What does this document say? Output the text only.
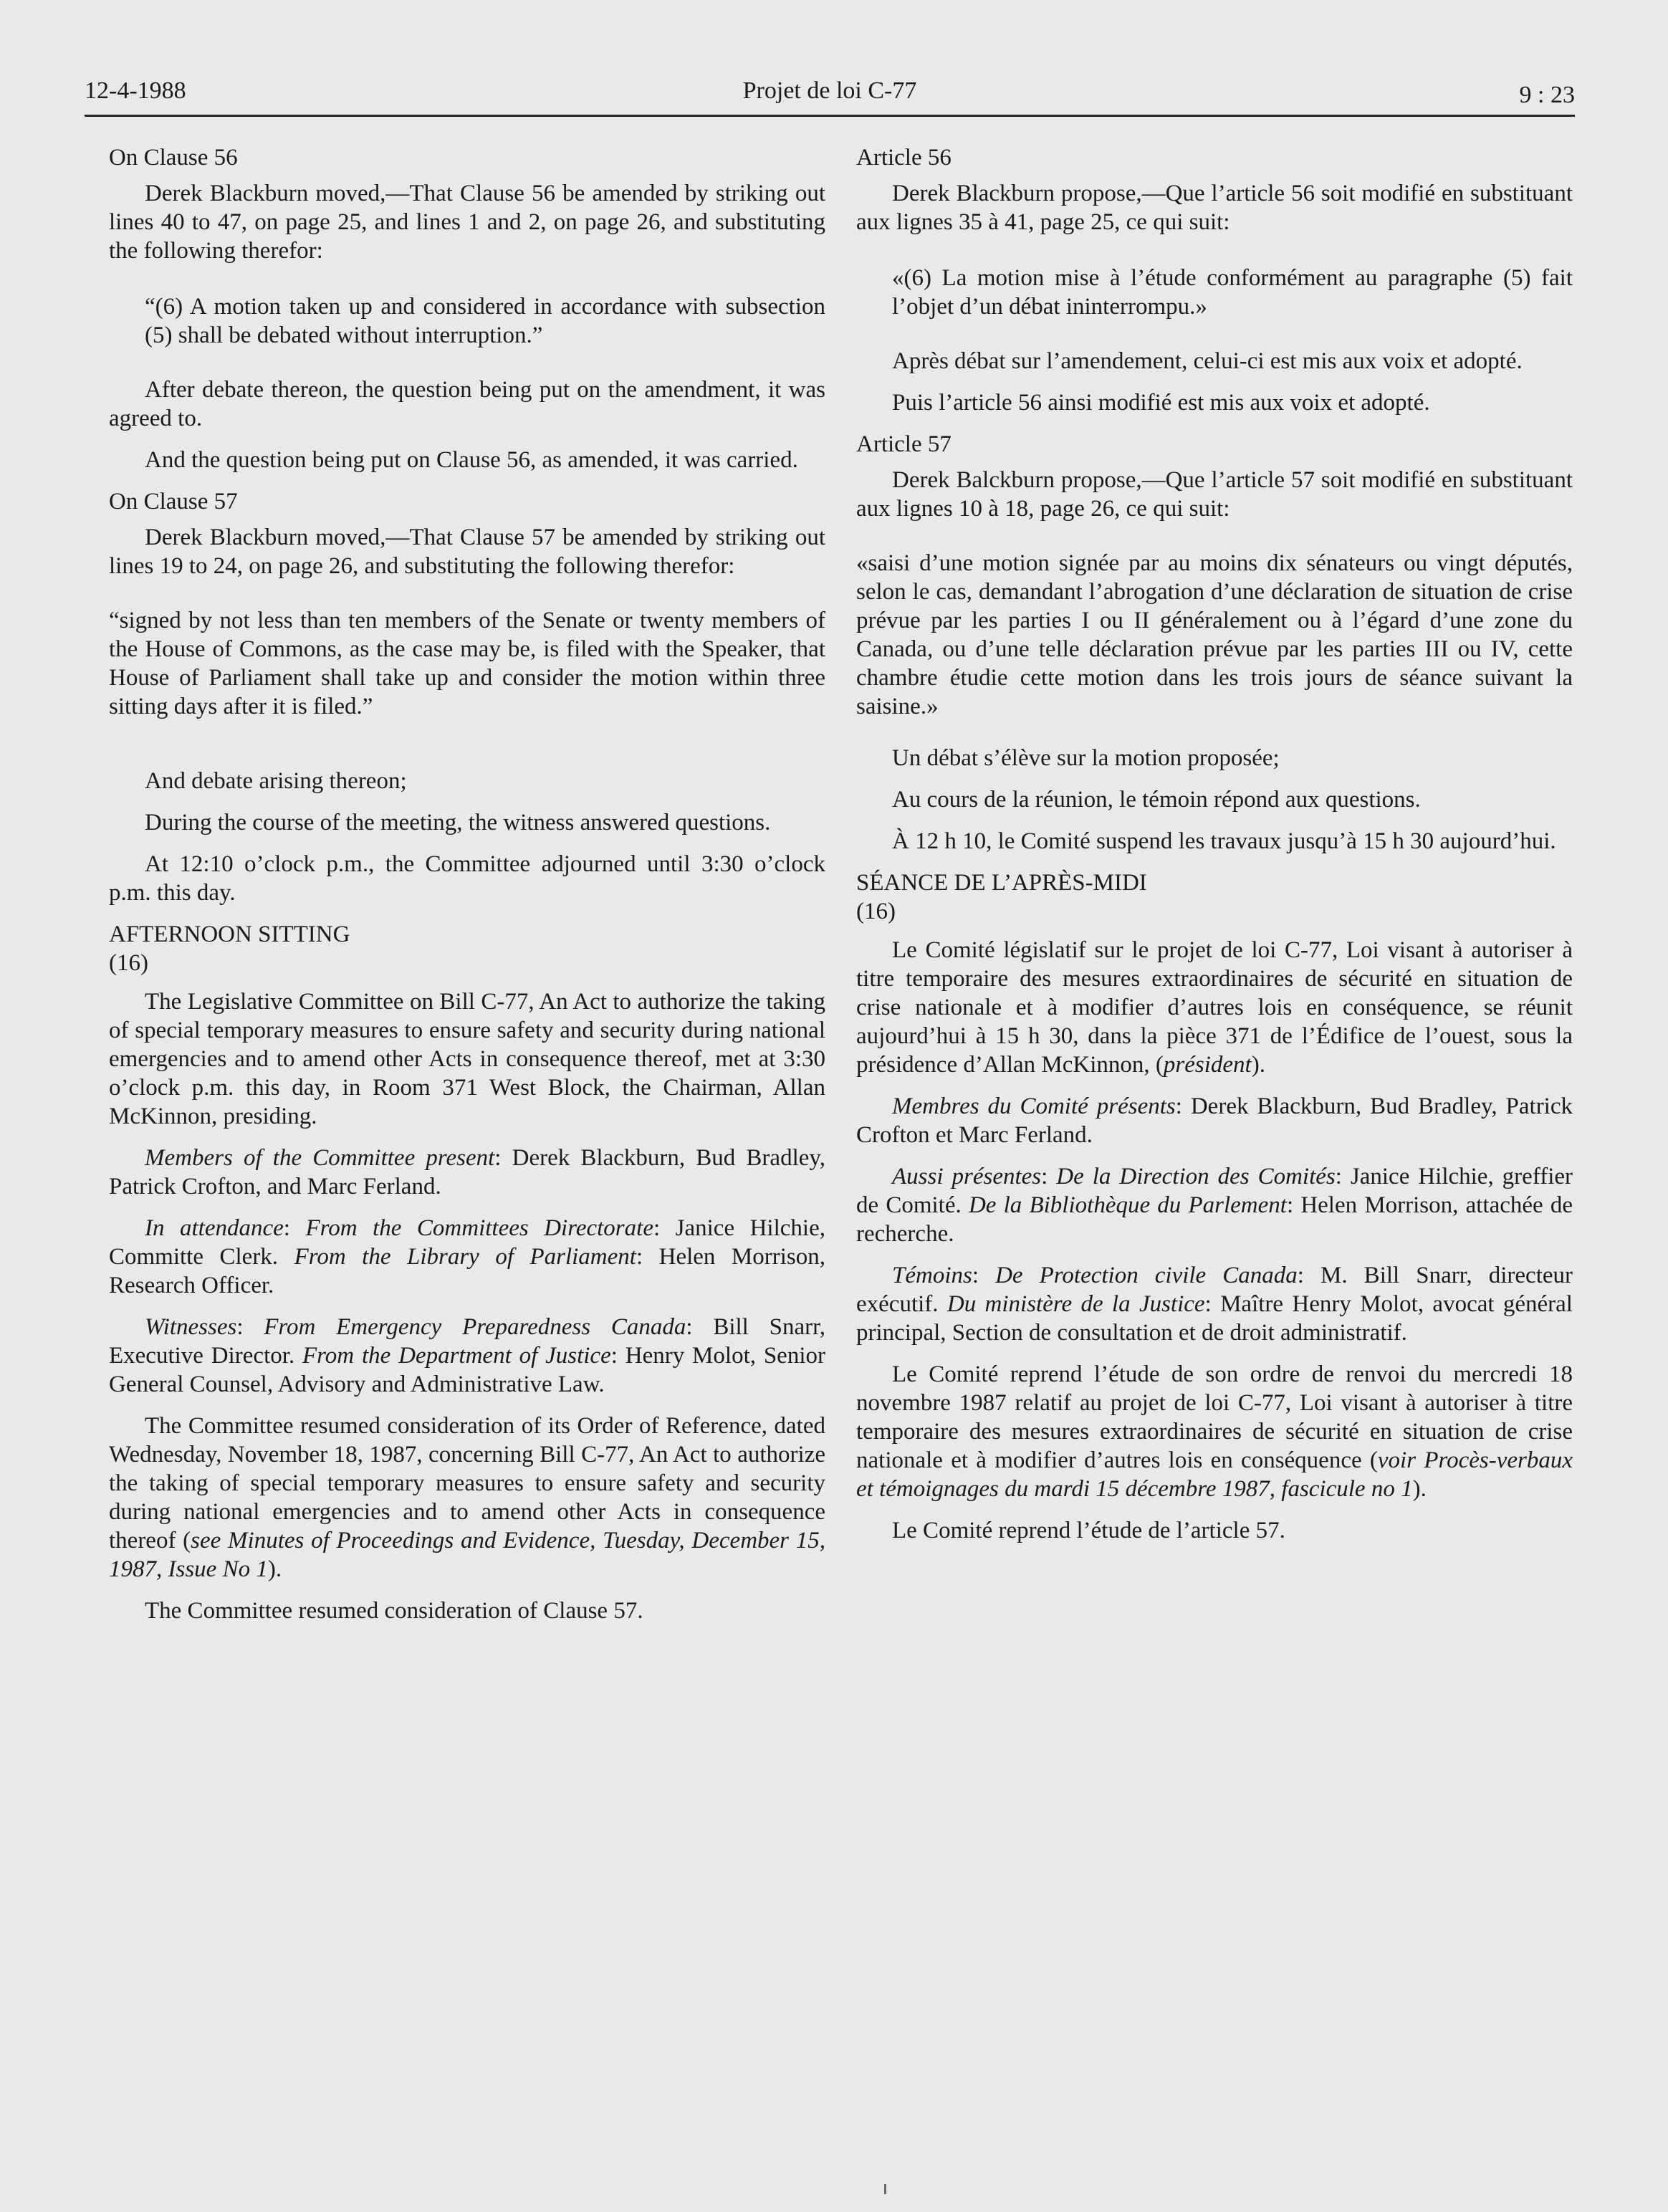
12-4-1988	Projet de loi C-77	9 : 23

On Clause 56

Derek Blackburn moved,—That Clause 56 be amended by striking out lines 40 to 47, on page 25, and lines 1 and 2, on page 26, and substituting the following therefor:

“(6) A motion taken up and considered in accordance with subsection (5) shall be debated without interruption.”

After debate thereon, the question being put on the amendment, it was agreed to.

And the question being put on Clause 56, as amended, it was carried.

On Clause 57

Derek Blackburn moved,—That Clause 57 be amended by striking out lines 19 to 24, on page 26, and substituting the following therefor:

“signed by not less than ten members of the Senate or twenty members of the House of Commons, as the case may be, is filed with the Speaker, that House of Parliament shall take up and consider the motion within three sitting days after it is filed.”

And debate arising thereon;

During the course of the meeting, the witness answered questions.

At 12:10 o’clock p.m., the Committee adjourned until 3:30 o’clock p.m. this day.

AFTERNOON SITTING

(16)

The Legislative Committee on Bill C-77, An Act to authorize the taking of special temporary measures to ensure safety and security during national emergencies and to amend other Acts in consequence thereof, met at 3:30 o’clock p.m. this day, in Room 371 West Block, the Chairman, Allan McKinnon, presiding.

Members of the Committee present: Derek Blackburn, Bud Bradley, Patrick Crofton, and Marc Ferland.

In attendance: From the Committees Directorate: Janice Hilchie, Committe Clerk. From the Library of Parliament: Helen Morrison, Research Officer.

Witnesses: From Emergency Preparedness Canada: Bill Snarr, Executive Director. From the Department of Justice: Henry Molot, Senior General Counsel, Advisory and Administrative Law.

The Committee resumed consideration of its Order of Reference, dated Wednesday, November 18, 1987, concerning Bill C-77, An Act to authorize the taking of special temporary measures to ensure safety and security during national emergencies and to amend other Acts in consequence thereof (see Minutes of Proceedings and Evidence, Tuesday, December 15, 1987, Issue No 1).

The Committee resumed consideration of Clause 57.

Article 56

Derek Blackburn propose,—Que l’article 56 soit modifié en substituant aux lignes 35 à 41, page 25, ce qui suit:

«(6) La motion mise à l’étude conformément au paragraphe (5) fait l’objet d’un débat ininterrompu.»

Après débat sur l’amendement, celui-ci est mis aux voix et adopté.

Puis l’article 56 ainsi modifié est mis aux voix et adopté.

Article 57

Derek Balckburn propose,—Que l’article 57 soit modifié en substituant aux lignes 10 à 18, page 26, ce qui suit:

«saisi d’une motion signée par au moins dix sénateurs ou vingt députés, selon le cas, demandant l’abrogation d’une déclaration de situation de crise prévue par les parties I ou II généralement ou à l’égard d’une zone du Canada, ou d’une telle déclaration prévue par les parties III ou IV, cette chambre étudie cette motion dans les trois jours de séance suivant la saisine.»

Un débat s’élève sur la motion proposée;

Au cours de la réunion, le témoin répond aux questions.

À 12 h 10, le Comité suspend les travaux jusqu’à 15 h 30 aujourd’hui.

SÉANCE DE L’APRÈS-MIDI

(16)

Le Comité législatif sur le projet de loi C-77, Loi visant à autoriser à titre temporaire des mesures extraordinaires de sécurité en situation de crise nationale et à modifier d’autres lois en conséquence, se réunit aujourd’hui à 15 h 30, dans la pièce 371 de l’Édifice de l’ouest, sous la présidence d’Allan McKinnon, (président).

Membres du Comité présents: Derek Blackburn, Bud Bradley, Patrick Crofton et Marc Ferland.

Aussi présentes: De la Direction des Comités: Janice Hilchie, greffier de Comité. De la Bibliothèque du Parlement: Helen Morrison, attachée de recherche.

Témoins: De Protection civile Canada: M. Bill Snarr, directeur exécutif. Du ministère de la Justice: Maître Henry Molot, avocat général principal, Section de consultation et de droit administratif.

Le Comité reprend l’étude de son ordre de renvoi du mercredi 18 novembre 1987 relatif au projet de loi C-77, Loi visant à autoriser à titre temporaire des mesures extraordinaires de sécurité en situation de crise nationale et à modifier d’autres lois en conséquence (voir Procès-verbaux et témoignages du mardi 15 décembre 1987, fascicule no 1).

Le Comité reprend l’étude de l’article 57.
